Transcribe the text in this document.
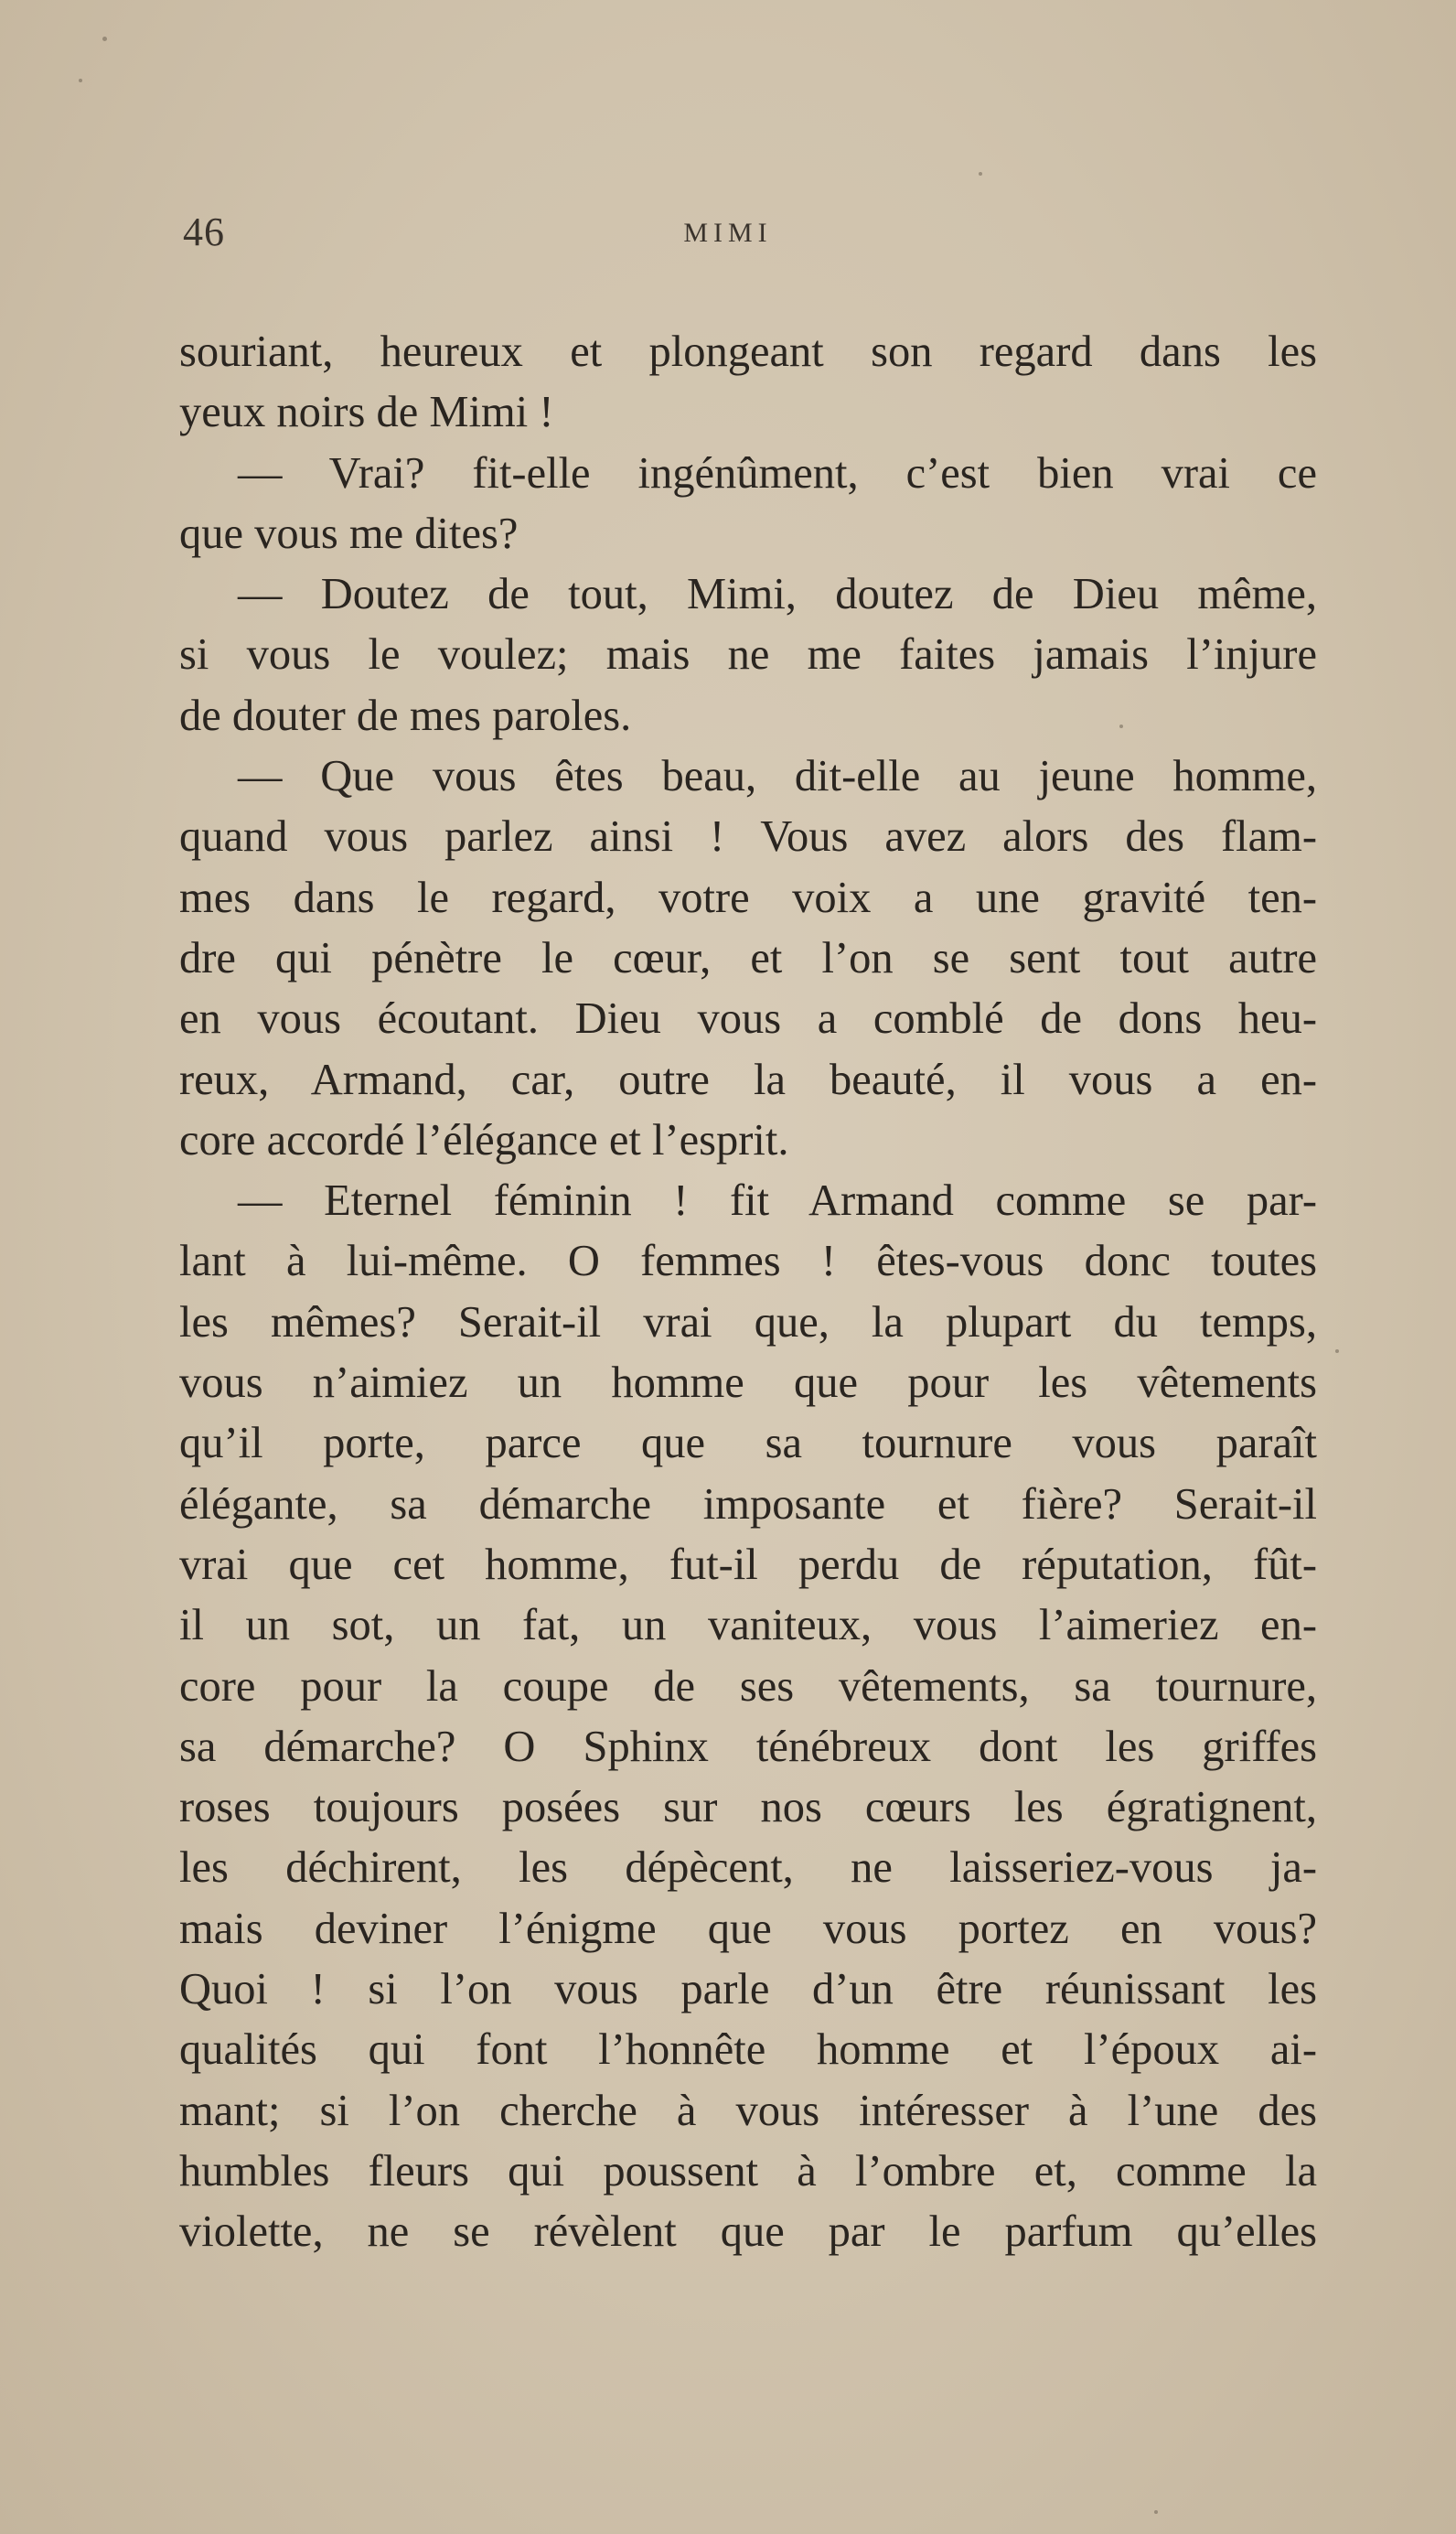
46	MIMI
souriant, heureux et plongeant son regard dans les
yeux noirs de Mimi !
— Vrai? fit-elle ingénûment, c’est bien vrai ce
que vous me dites?
— Doutez de tout, Mimi, doutez de Dieu même,
si vous le voulez; mais ne me faites jamais l’injure
de douter de mes paroles.
— Que vous êtes beau, dit-elle au jeune homme,
quand vous parlez ainsi ! Vous avez alors des flam-
mes dans le regard, votre voix a une gravité ten-
dre qui pénètre le cœur, et l’on se sent tout autre
en vous écoutant. Dieu vous a comblé de dons heu-
reux, Armand, car, outre la beauté, il vous a en-
core accordé l’élégance et l’esprit.
— Eternel féminin ! fit Armand comme se par-
lant à lui-même. O femmes ! êtes-vous donc toutes
les mêmes? Serait-il vrai que, la plupart du temps,
vous n’aimiez un homme que pour les vêtements
qu’il porte, parce que sa tournure vous paraît
élégante, sa démarche imposante et fière? Serait-il
vrai que cet homme, fut-il perdu de réputation, fût-
il un sot, un fat, un vaniteux, vous l’aimeriez en-
core pour la coupe de ses vêtements, sa tournure,
sa démarche? O Sphinx ténébreux dont les griffes
roses toujours posées sur nos cœurs les égratignent,
les déchirent, les dépècent, ne laisseriez-vous ja-
mais deviner l’énigme que vous portez en vous?
Quoi ! si l’on vous parle d’un être réunissant les
qualités qui font l’honnête homme et l’époux ai-
mant; si l’on cherche à vous intéresser à l’une des
humbles fleurs qui poussent à l’ombre et, comme la
violette, ne se révèlent que par le parfum qu’elles
